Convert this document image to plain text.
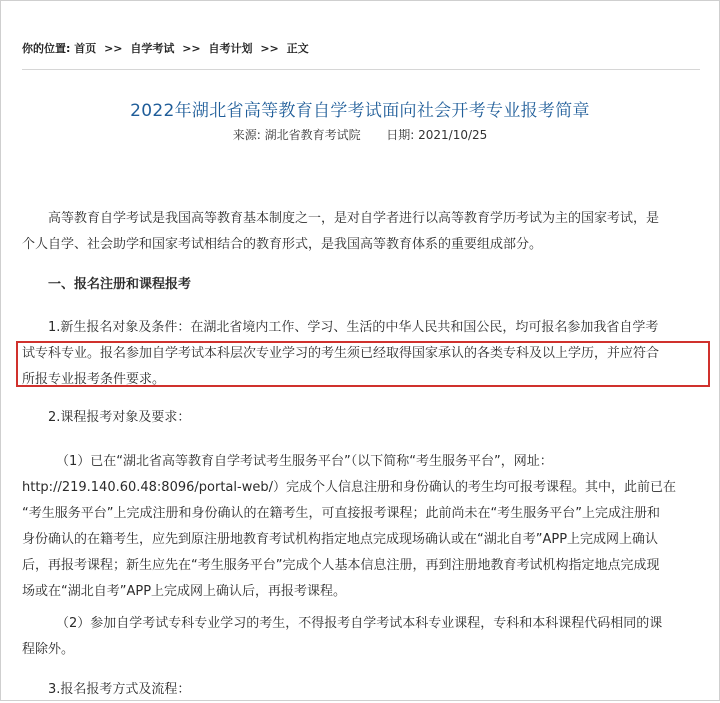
你的位置: 首页 >> 自学考试 >> 自考计划 >> 正文
2022年湖北省高等教育自学考试面向社会开考专业报考简章
来源: 湖北省教育考试院 日期: 2021/10/25
高等教育自学考试是我国高等教育基本制度之一，是对自学者进行以高等教育学历考试为主的国家考试，是
个人自学、社会助学和国家考试相结合的教育形式，是我国高等教育体系的重要组成部分。
一、报名注册和课程报考
1.新生报名对象及条件：在湖北省境内工作、学习、生活的中华人民共和国公民，均可报名参加我省自学考
试专科专业。报名参加自学考试本科层次专业学习的考生须已经取得国家承认的各类专科及以上学历，并应符合
所报专业报考条件要求。
2.课程报考对象及要求：
（1）已在“湖北省高等教育自学考试考生服务平台”（以下简称“考生服务平台”，网址：
http://219.140.60.48:8096/portal-web/）完成个人信息注册和身份确认的考生均可报考课程。其中，此前已在
“考生服务平台”上完成注册和身份确认的在籍考生，可直接报考课程；此前尚未在“考生服务平台”上完成注册和
身份确认的在籍考生，应先到原注册地教育考试机构指定地点完成现场确认或在“湖北自考”APP上完成网上确认
后，再报考课程；新生应先在“考生服务平台”完成个人基本信息注册，再到注册地教育考试机构指定地点完成现
场或在“湖北自考”APP上完成网上确认后，再报考课程。
（2）参加自学考试专科专业学习的考生，不得报考自学考试本科专业课程，专科和本科课程代码相同的课
程除外。
3.报名报考方式及流程：
